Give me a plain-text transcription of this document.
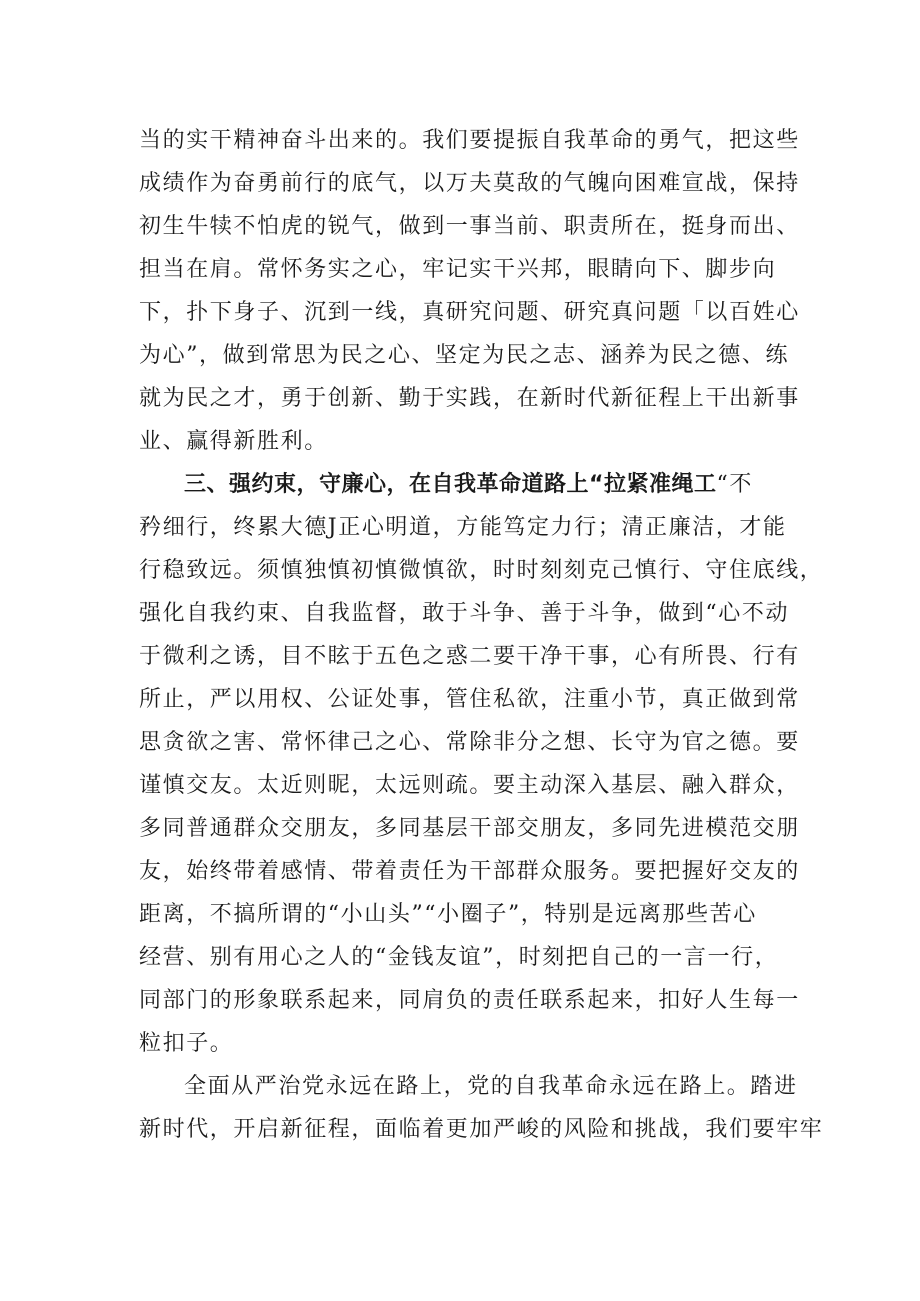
当的实干精神奋斗出来的。我们要提振自我革命的勇气，把这些
成绩作为奋勇前行的底气，以万夫莫敌的气魄向困难宣战，保持
初生牛犊不怕虎的锐气，做到一事当前、职责所在，挺身而出、
担当在肩。常怀务实之心，牢记实干兴邦，眼睛向下、脚步向
下，扑下身子、沉到一线，真研究问题、研究真问题「以百姓心
为心”，做到常思为民之心、坚定为民之志、涵养为民之德、练
就为民之才，勇于创新、勤于实践，在新时代新征程上干出新事
业、赢得新胜利。
三、强约束，守廉心，在自我革命道路上“拉紧准绳工“不
矜细行，终累大德J正心明道，方能笃定力行；清正廉洁，才能
行稳致远。须慎独慎初慎微慎欲，时时刻刻克己慎行、守住底线，
强化自我约束、自我监督，敢于斗争、善于斗争，做到“心不动
于微利之诱，目不眩于五色之惑二要干净干事，心有所畏、行有
所止，严以用权、公证处事，管住私欲，注重小节，真正做到常
思贪欲之害、常怀律己之心、常除非分之想、长守为官之德。要
谨慎交友。太近则昵，太远则疏。要主动深入基层、融入群众，
多同普通群众交朋友，多同基层干部交朋友，多同先进模范交朋
友，始终带着感情、带着责任为干部群众服务。要把握好交友的
距离，不搞所谓的“小山头”“小圈子”，特别是远离那些苦心
经营、别有用心之人的“金钱友谊”，时刻把自己的一言一行，
同部门的形象联系起来，同肩负的责任联系起来，扣好人生每一
粒扣子。
全面从严治党永远在路上，党的自我革命永远在路上。踏进
新时代，开启新征程，面临着更加严峻的风险和挑战，我们要牢牢
